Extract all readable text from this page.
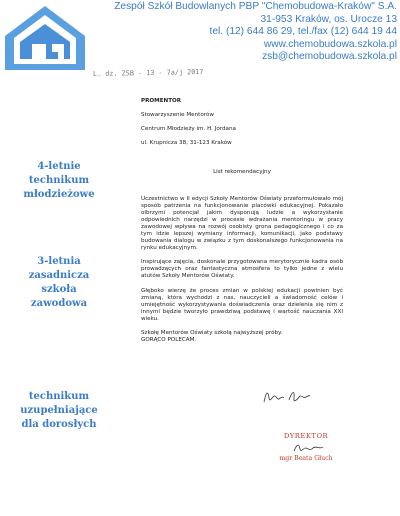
Zespół Szkół Budowlanych PBP "Chemobudowa-Kraków" S.A.
31-953 Kraków, os. Urocze 13
tel. (12) 644 86 29, tel./fax (12) 644 19 44
www.chemobudowa.szkola.pl
zsb@chemobudowa.szkola.pl
L. dz. ZSB - 13 - 7a/j 2017
4-letnie
technikum
młodzieżowe
3-letnia
zasadnicza
szkoła
zawodowa
technikum
uzupełniające
dla dorosłych
PROMENTOR
Stowarzyszenie Mentorów
Centrum Młodzieży im. H. Jordana
ul. Krupnicza 38, 31-123 Kraków
List rekomendacyjny

Uczestnictwo w II edycji Szkoły Mentorów Oświaty przeformułowało mój sposób patrzenia na funkcjonowanie placówki edukacyjnej. Pokazało olbrzymi potencjał jakim dysponują ludzie a wykorzystanie odpowiednich narzędzi w procesie wdrażania mentoringu w pracy zawodowej wpływa na rozwój osobisty grona pedagogicznego i co za tym idzie lepszej wymiany informacji, komunikacji, jako podstawy budowania dialogu w związku z tym doskonalszego funkcjonowania na rynku edukacyjnym.

Inspirujące zajęcia, doskonale przygotowana merytorycznie kadra osób prowadzących oraz fantastyczna atmosfera to tylko jedne z wielu atutów Szkoły Mentorów Oświaty.

Głęboko wierzę że proces zmian w polskiej edukacji powinien być zmianą, która wychodzi z nas, nauczycieli a świadomość celów i umiejętność wykorzystywania doświadczenia oraz dzielenia się nim z innymi będzie tworzyło prawdziwą podstawę i wartość nauczania XXI wieku.

Szkołę Mentorów Oświaty szkołą najwyższej próby.

GORĄCO POLECAM.

DYREKTOR
mgr Beata Głuch
